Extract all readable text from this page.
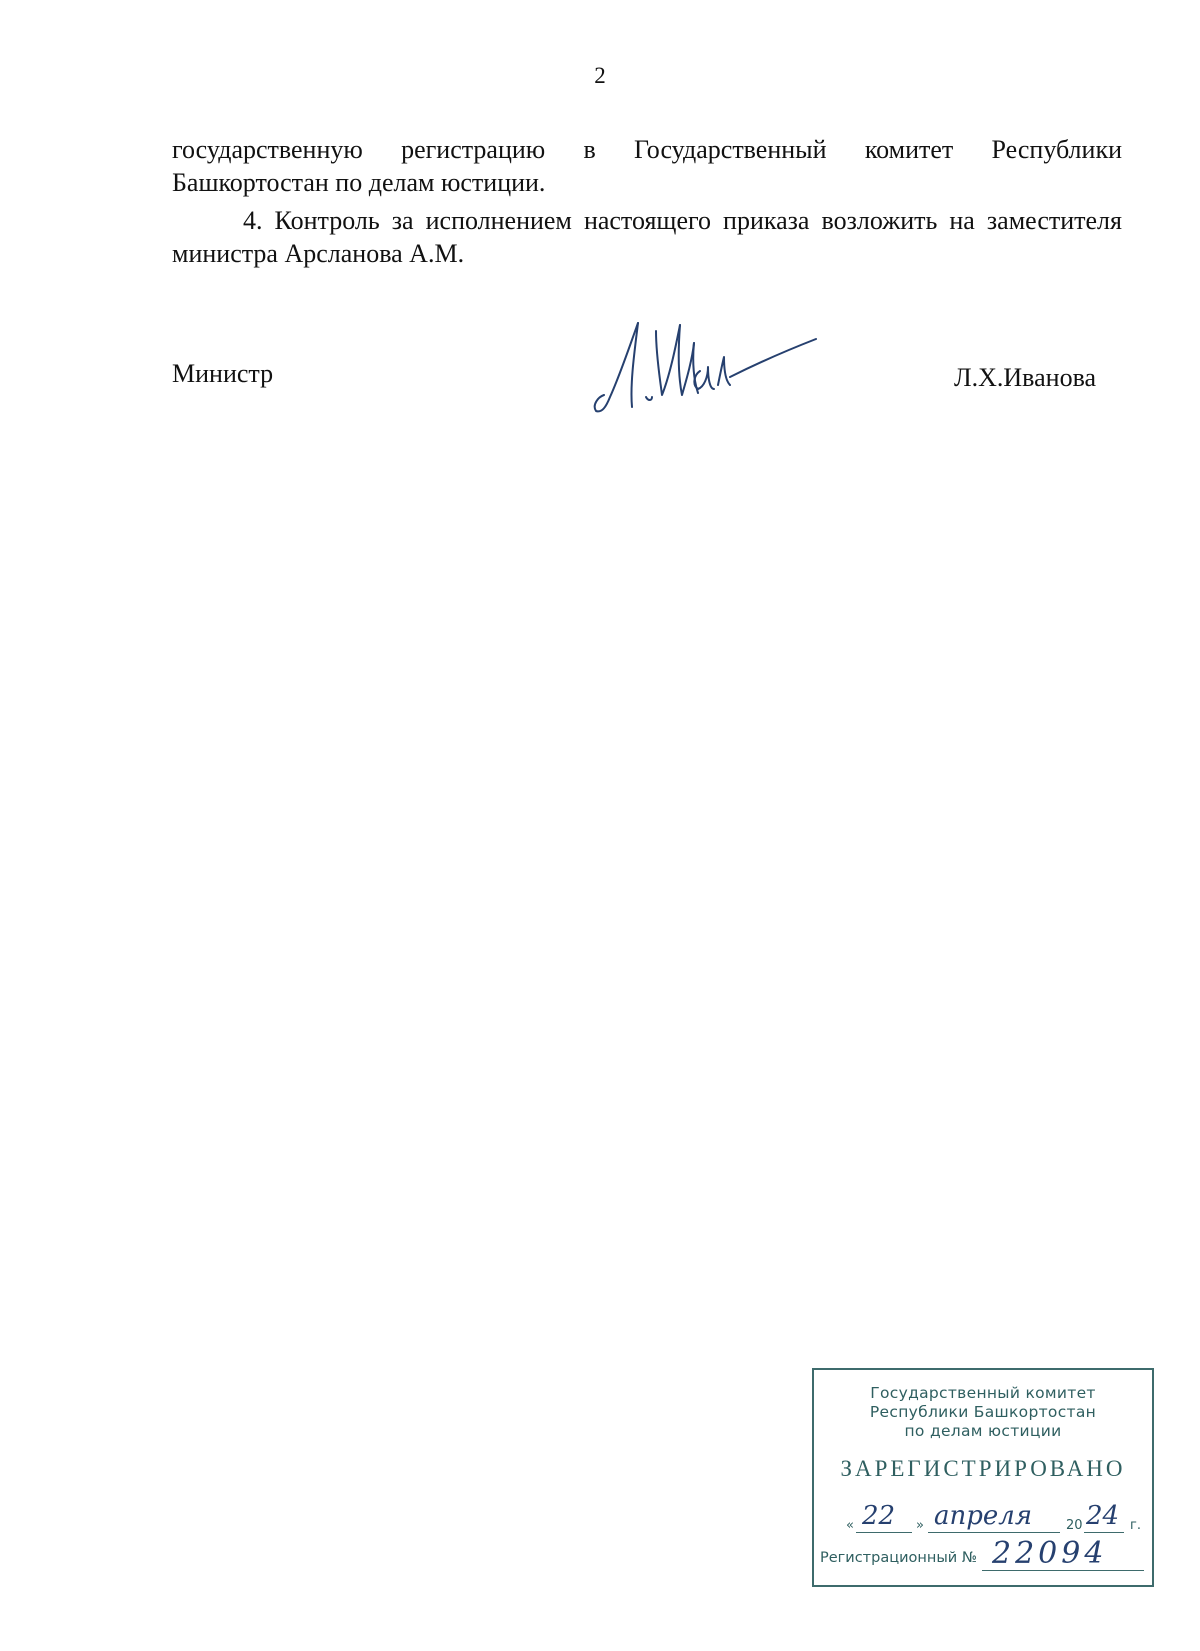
2

государственную регистрацию в Государственный комитет Республики Башкортостан по делам юстиции.

4. Контроль за исполнением настоящего приказа возложить на заместителя министра Арсланова А.М.

Министр	Л.Х.Иванова
Государственный комитет
Республики Башкортостан
по делам юстиции
ЗАРЕГИСТРИРОВАНО
« 22 » апреля	20 24 г.
Регистрационный № 22094
